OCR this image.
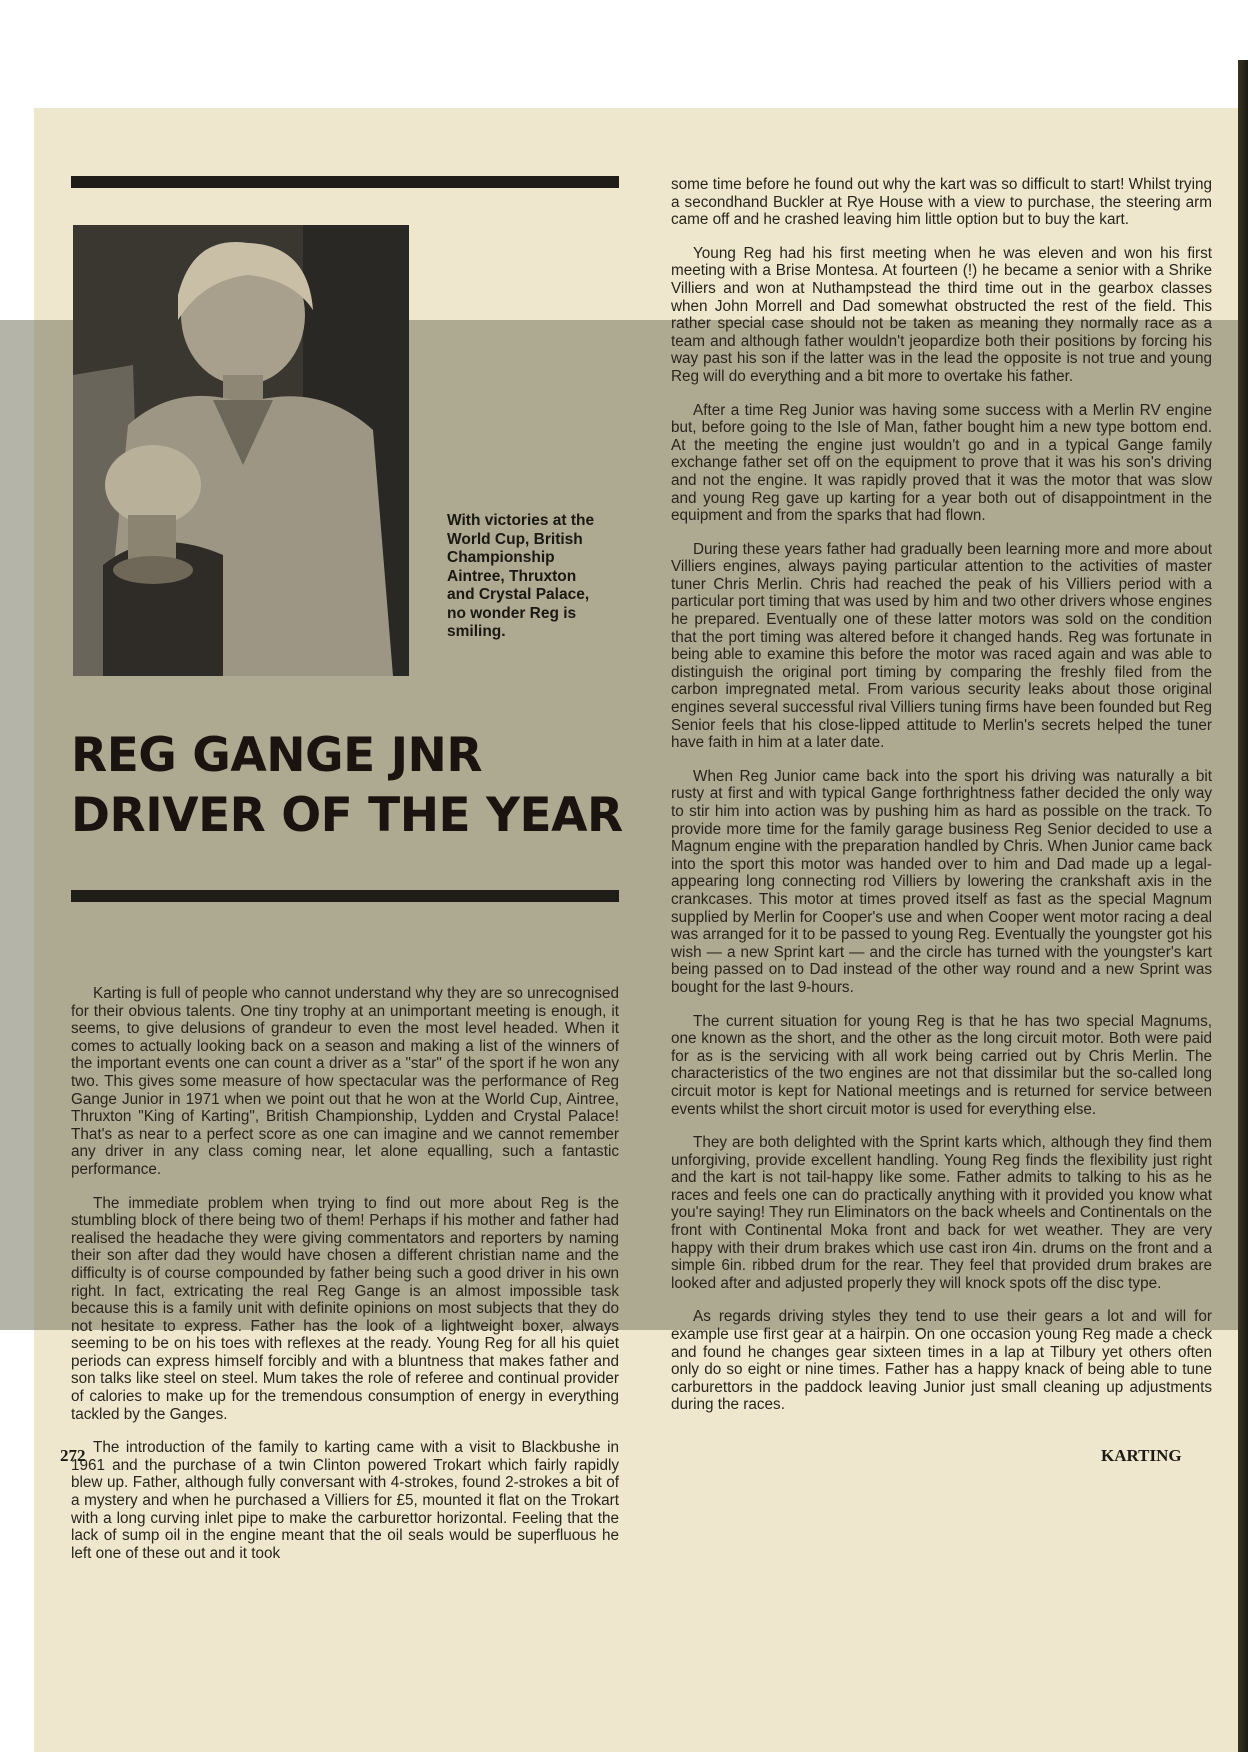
With victories at the World Cup, British Championship Aintree, Thruxton and Crystal Palace, no wonder Reg is smiling.
REG GANGE JNR
DRIVER OF THE YEAR

Karting is full of people who cannot understand why they are so unrecognised for their obvious talents. One tiny trophy at an unimportant meeting is enough, it seems, to give delusions of grandeur to even the most level headed. When it comes to actually looking back on a season and making a list of the winners of the important events one can count a driver as a "star" of the sport if he won any two. This gives some measure of how spectacular was the performance of Reg Gange Junior in 1971 when we point out that he won at the World Cup, Aintree, Thruxton "King of Karting", British Championship, Lydden and Crystal Palace! That's as near to a perfect score as one can imagine and we cannot remember any driver in any class coming near, let alone equalling, such a fantastic performance.

The immediate problem when trying to find out more about Reg is the stumbling block of there being two of them! Perhaps if his mother and father had realised the headache they were giving commentators and reporters by naming their son after dad they would have chosen a different christian name and the difficulty is of course compounded by father being such a good driver in his own right. In fact, extricating the real Reg Gange is an almost impossible task because this is a family unit with definite opinions on most subjects that they do not hesitate to express. Father has the look of a lightweight boxer, always seeming to be on his toes with reflexes at the ready. Young Reg for all his quiet periods can express himself forcibly and with a bluntness that makes father and son talks like steel on steel. Mum takes the role of referee and continual provider of calories to make up for the tremendous consumption of energy in everything tackled by the Ganges.

The introduction of the family to karting came with a visit to Blackbushe in 1961 and the purchase of a twin Clinton powered Trokart which fairly rapidly blew up. Father, although fully conversant with 4-strokes, found 2-strokes a bit of a mystery and when he purchased a Villiers for £5, mounted it flat on the Trokart with a long curving inlet pipe to make the carburettor horizontal. Feeling that the lack of sump oil in the engine meant that the oil seals would be superfluous he left one of these out and it took

some time before he found out why the kart was so difficult to start! Whilst trying a secondhand Buckler at Rye House with a view to purchase, the steering arm came off and he crashed leaving him little option but to buy the kart.

Young Reg had his first meeting when he was eleven and won his first meeting with a Brise Montesa. At fourteen (!) he became a senior with a Shrike Villiers and won at Nuthampstead the third time out in the gearbox classes when John Morrell and Dad somewhat obstructed the rest of the field. This rather special case should not be taken as meaning they normally race as a team and although father wouldn't jeopardize both their positions by forcing his way past his son if the latter was in the lead the opposite is not true and young Reg will do everything and a bit more to overtake his father.

After a time Reg Junior was having some success with a Merlin RV engine but, before going to the Isle of Man, father bought him a new type bottom end. At the meeting the engine just wouldn't go and in a typical Gange family exchange father set off on the equipment to prove that it was his son's driving and not the engine. It was rapidly proved that it was the motor that was slow and young Reg gave up karting for a year both out of disappointment in the equipment and from the sparks that had flown.

During these years father had gradually been learning more and more about Villiers engines, always paying particular attention to the activities of master tuner Chris Merlin. Chris had reached the peak of his Villiers period with a particular port timing that was used by him and two other drivers whose engines he prepared. Eventually one of these latter motors was sold on the condition that the port timing was altered before it changed hands. Reg was fortunate in being able to examine this before the motor was raced again and was able to distinguish the original port timing by comparing the freshly filed from the carbon impregnated metal. From various security leaks about those original engines several successful rival Villiers tuning firms have been founded but Reg Senior feels that his close-lipped attitude to Merlin's secrets helped the tuner have faith in him at a later date.

When Reg Junior came back into the sport his driving was naturally a bit rusty at first and with typical Gange forthrightness father decided the only way to stir him into action was by pushing him as hard as possible on the track. To provide more time for the family garage business Reg Senior decided to use a Magnum engine with the preparation handled by Chris. When Junior came back into the sport this motor was handed over to him and Dad made up a legal-appearing long connecting rod Villiers by lowering the crankshaft axis in the crankcases. This motor at times proved itself as fast as the special Magnum supplied by Merlin for Cooper's use and when Cooper went motor racing a deal was arranged for it to be passed to young Reg. Eventually the youngster got his wish — a new Sprint kart — and the circle has turned with the youngster's kart being passed on to Dad instead of the other way round and a new Sprint was bought for the last 9-hours.

The current situation for young Reg is that he has two special Magnums, one known as the short, and the other as the long circuit motor. Both were paid for as is the servicing with all work being carried out by Chris Merlin. The characteristics of the two engines are not that dissimilar but the so-called long circuit motor is kept for National meetings and is returned for service between events whilst the short circuit motor is used for everything else.

They are both delighted with the Sprint karts which, although they find them unforgiving, provide excellent handling. Young Reg finds the flexibility just right and the kart is not tail-happy like some. Father admits to talking to his as he races and feels one can do practically anything with it provided you know what you're saying! They run Eliminators on the back wheels and Continentals on the front with Continental Moka front and back for wet weather. They are very happy with their drum brakes which use cast iron 4in. drums on the front and a simple 6in. ribbed drum for the rear. They feel that provided drum brakes are looked after and adjusted properly they will knock spots off the disc type.

As regards driving styles they tend to use their gears a lot and will for example use first gear at a hairpin. On one occasion young Reg made a check and found he changes gear sixteen times in a lap at Tilbury yet others often only do so eight or nine times. Father has a happy knack of being able to tune carburettors in the paddock leaving Junior just small cleaning up adjustments during the races.

272	KARTING
